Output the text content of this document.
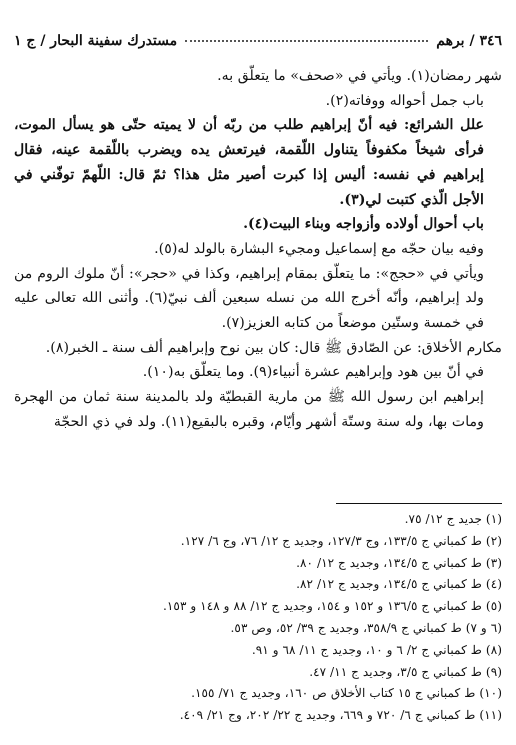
٣٤٦ / برهم
مستدرك سفينة البحار / ج ١

شهر رمضان(١). ويأتي في «صحف» ما يتعلّق به.

باب جمل أحواله ووفاته(٢).

علل الشرائع: فيه أنّ إبراهيم طلب من ربّه أن لا يميته حتّى هو يسأل الموت، فرأى شيخاً مكفوفاً يتناول اللّقمة، فيرتعش يده ويضرب باللّقمة عينه، فقال إبراهيم في نفسه: أليس إذا كبرت أصير مثل هذا؟ ثمّ قال: اللّهمّ توفّني في الأجل الّذي كتبت لي(٣).

باب أحوال أولاده وأزواجه وبناء البيت(٤).

وفيه بيان حجّه مع إسماعيل ومجيء البشارة بالولد له(٥).

ويأتي في «حجج»: ما يتعلّق بمقام إبراهيم، وكذا في «حجر»: أنّ ملوك الروم من ولد إبراهيم، وأنّه أخرج الله من نسله سبعين ألف نبيّ(٦). وأثنى الله تعالى عليه في خمسة وستّين موضعاً من كتابه العزيز(٧).

مكارم الأخلاق: عن الصّادق ﷺ قال: كان بين نوح وإبراهيم ألف سنة ـ الخبر(٨).

في أنّ بين هود وإبراهيم عشرة أنبياء(٩). وما يتعلّق به(١٠).

إبراهيم ابن رسول الله ﷺ من مارية القبطيّة ولد بالمدينة سنة ثمان من الهجرة ومات بها، وله سنة وستّة أشهر وأيّام، وقبره بالبقيع(١١). ولد في ذي الحجّة

(١) جديد ج ١٢/ ٧٥.
(٢) ط كمباني ج ١٣٣/٥، وج ١٢٧/٣، وجديد ج ١٢/ ٧٦، وج ٦/ ١٢٧.
(٣) ط كمباني ج ١٣٤/٥، وجديد ج ١٢/ ٨٠.
(٤) ط كمباني ج ١٣٤/٥، وجديد ج ١٢/ ٨٢.
(٥) ط كمباني ج ١٣٦/٥ و ١٥٢ و ١٥٤، وجديد ج ١٢/ ٨٨ و ١٤٨ و ١٥٣.
(٦ و ٧) ط كمباني ج ٣٥٨/٩، وجديد ج ٣٩/ ٥٢، وص ٥٣.
(٨) ط كمباني ج ٢/ ٦ و ١٠، وجديد ج ١١/ ٦٨ و ٩١.
(٩) ط كمباني ج ٣/٥، وجديد ج ١١/ ٤٧.
(١٠) ط كمباني ج ١٥ كتاب الأخلاق ص ١٦٠، وجديد ج ٧١/ ١٥٥.
(١١) ط كمباني ج ٦/ ٧٢٠ و ٦٦٩، وجديد ج ٢٢/ ٢٠٢، وج ٢١/ ٤٠٩.
